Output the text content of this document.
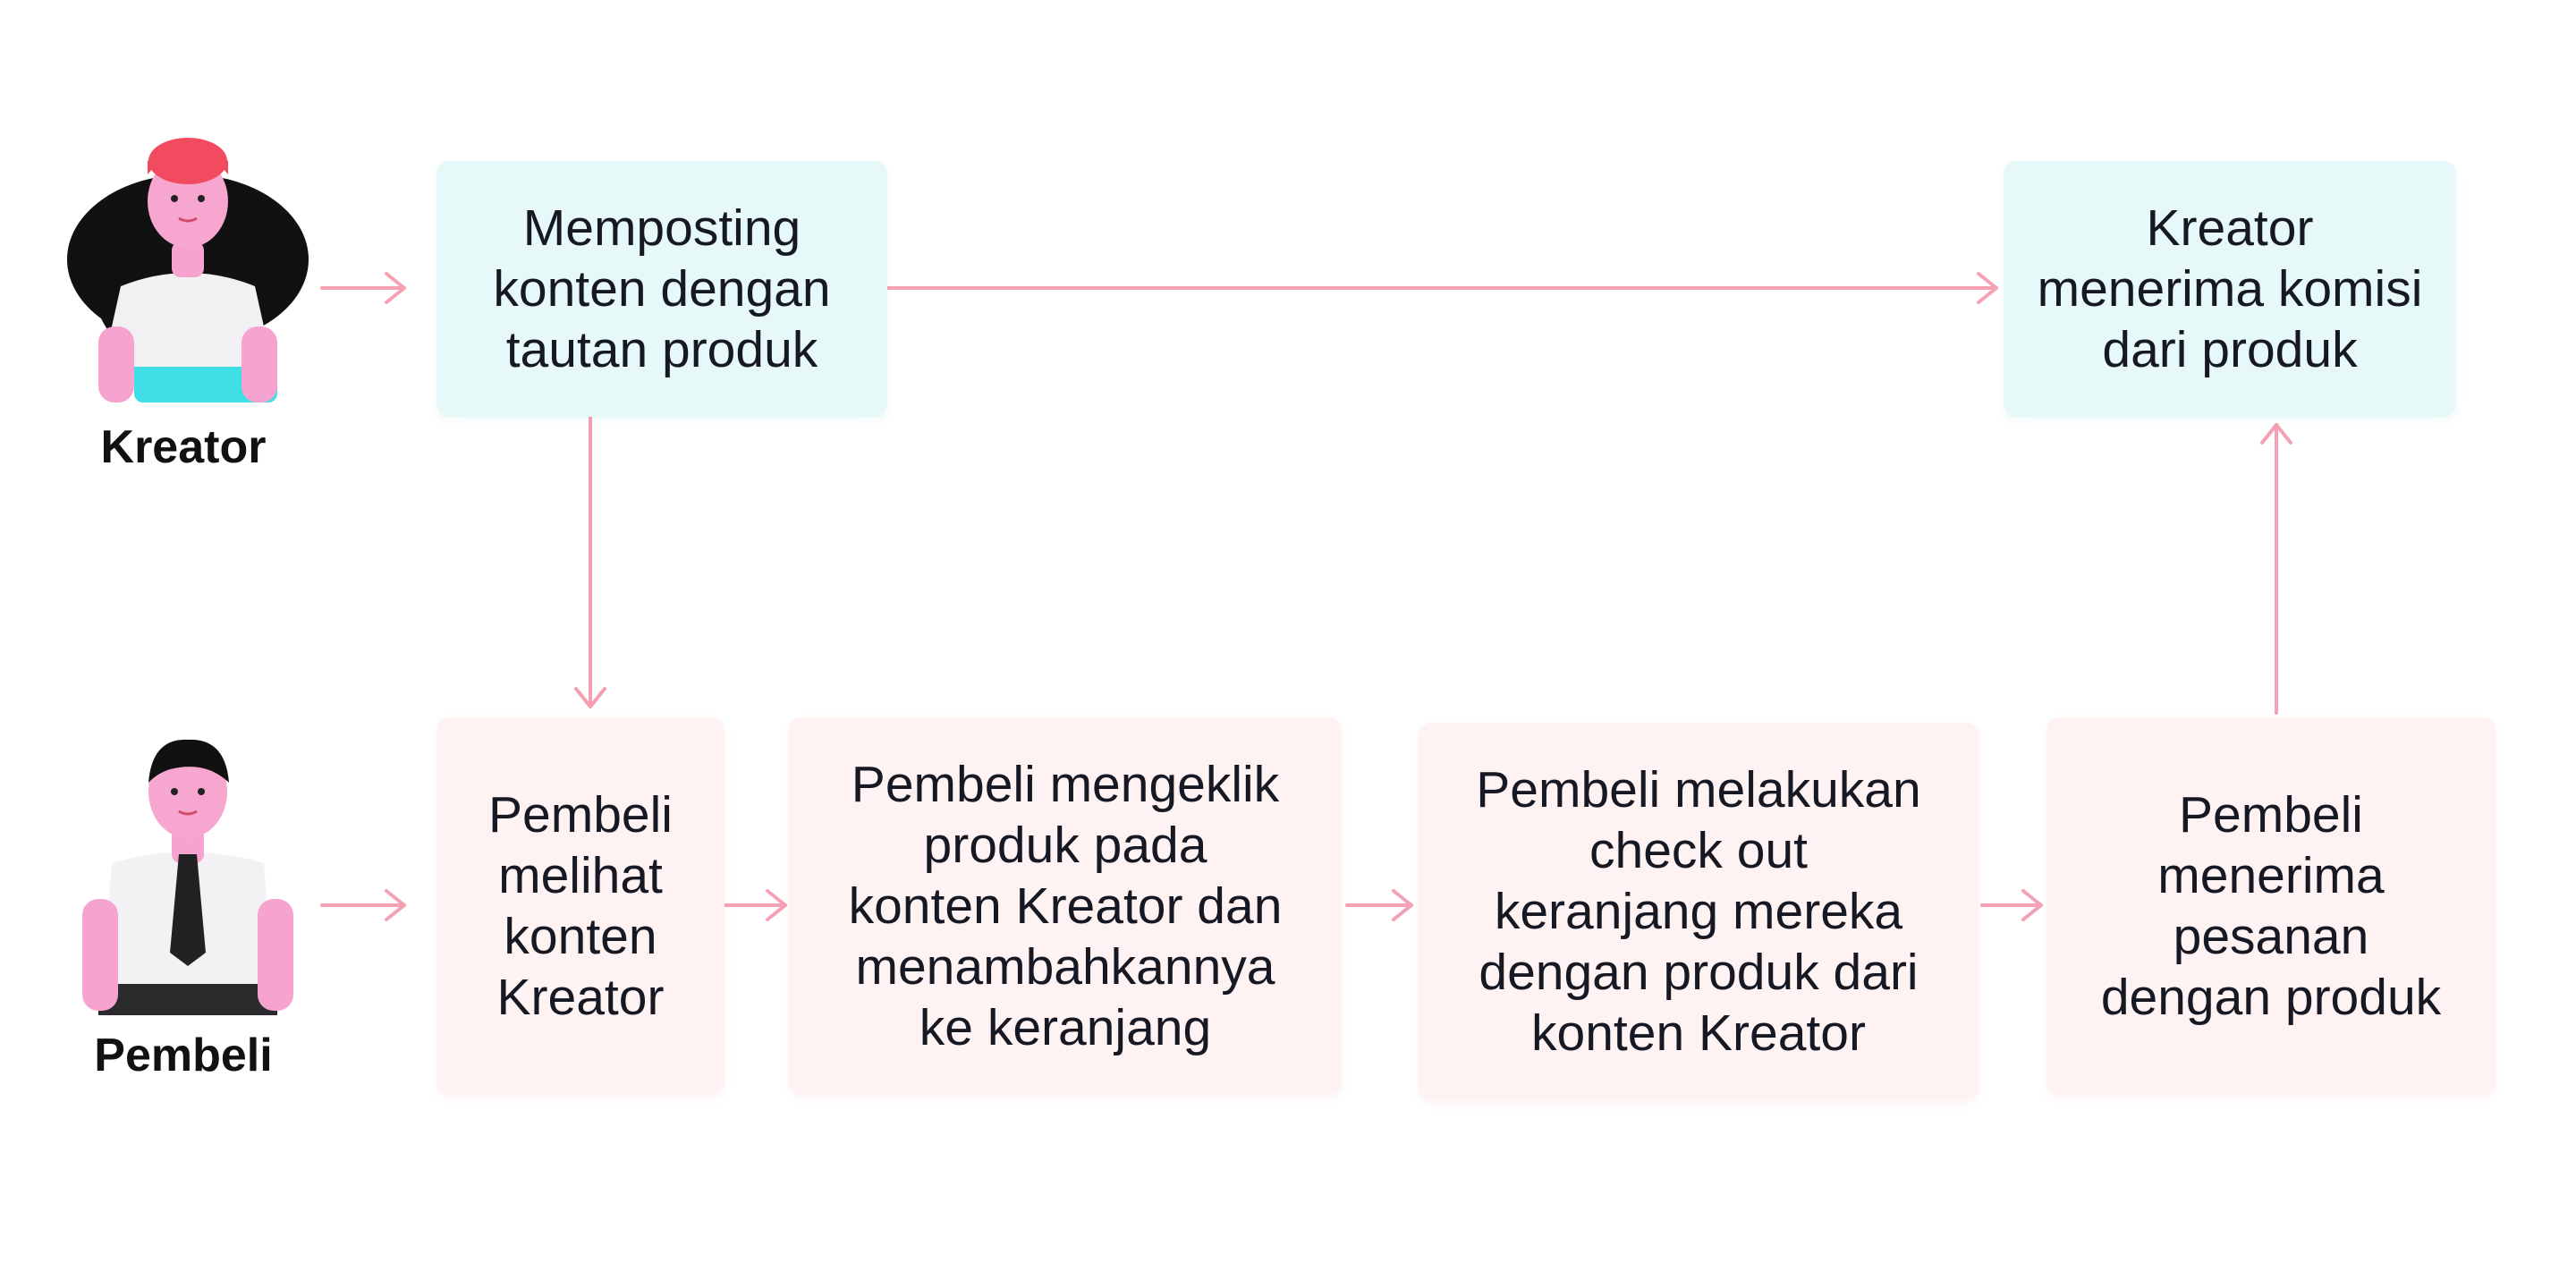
Kreator
Pembeli
Memposting
konten dengan
tautan produk
Kreator
menerima komisi
dari produk
Pembeli
melihat
konten
Kreator
Pembeli mengeklik
produk pada
konten Kreator dan
menambahkannya
ke keranjang
Pembeli melakukan
check out
keranjang mereka
dengan produk dari
konten Kreator
Pembeli
menerima
pesanan
dengan produk
